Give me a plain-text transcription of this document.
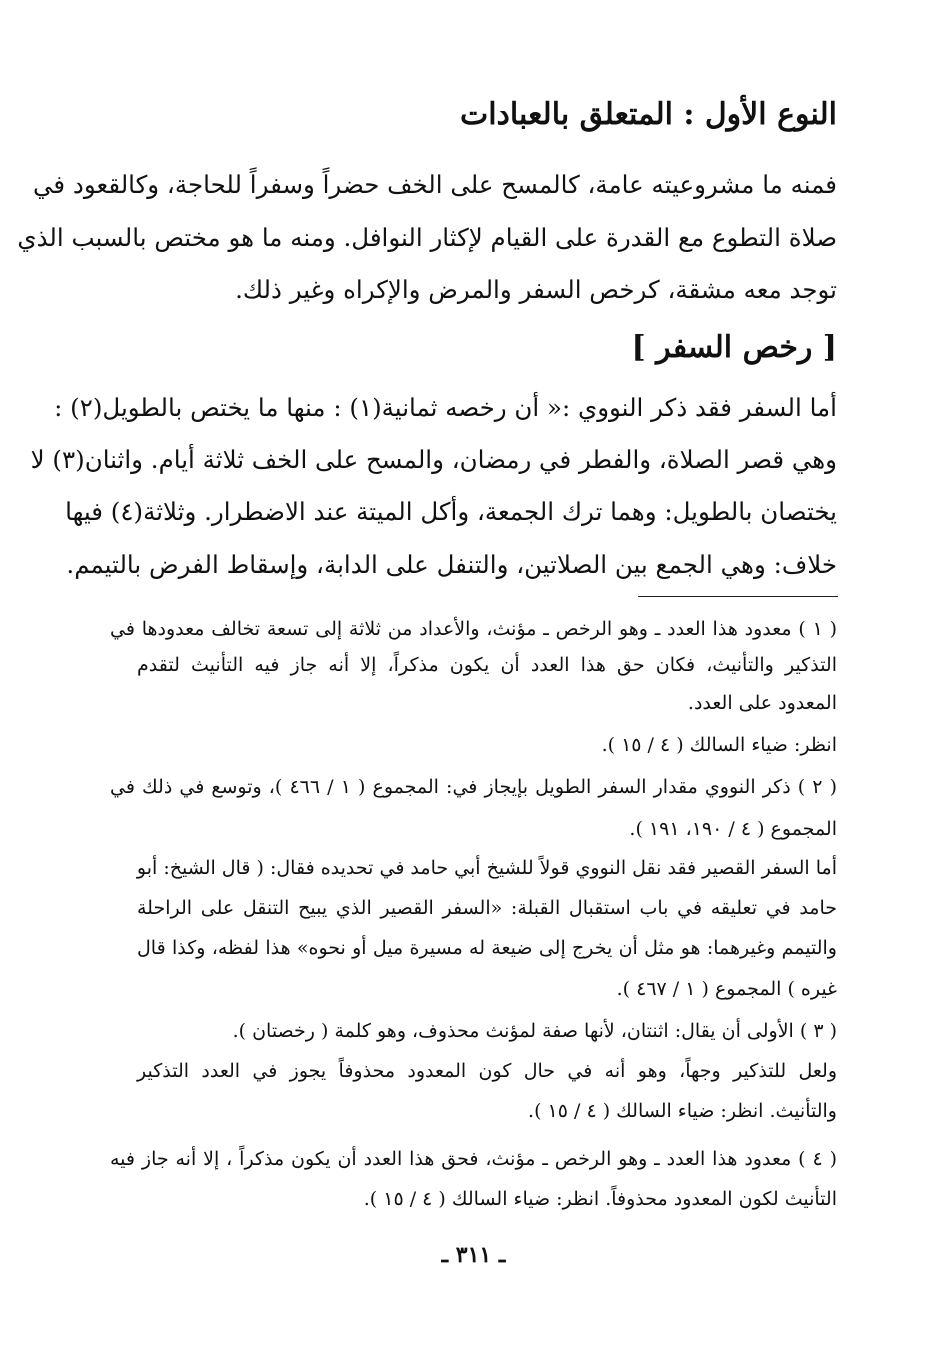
النوع الأول : المتعلق بالعبادات
فمنه ما مشروعيته عامة، كالمسح على الخف حضراً وسفراً للحاجة، وكالقعود في
صلاة التطوع مع القدرة على القيام لإكثار النوافل. ومنه ما هو مختص بالسبب الذي
توجد معه مشقة، كرخص السفر والمرض والإكراه وغير ذلك.
[ رخص السفر ]
أما السفر فقد ذكر النووي :« أن رخصه ثمانية(١) : منها ما يختص بالطويل(٢) :
وهي قصر الصلاة، والفطر في رمضان، والمسح على الخف ثلاثة أيام. واثنان(٣) لا
يختصان بالطويل: وهما ترك الجمعة، وأكل الميتة عند الاضطرار. وثلاثة(٤) فيها
خلاف: وهي الجمع بين الصلاتين، والتنفل على الدابة، وإسقاط الفرض بالتيمم.
( ١ ) معدود هذا العدد ـ وهو الرخص ـ مؤنث، والأعداد من ثلاثة إلى تسعة تخالف معدودها في
التذكير والتأنيث، فكان حق هذا العدد أن يكون مذكراً، إلا أنه جاز فيه التأنيث لتقدم
المعدود على العدد.
انظر: ضياء السالك ( ٤ / ١٥ ).
( ٢ ) ذكر النووي مقدار السفر الطويل بإيجاز في: المجموع ( ١ / ٤٦٦ )، وتوسع في ذلك في
المجموع ( ٤ / ١٩٠، ١٩١ ).
أما السفر القصير فقد نقل النووي قولاً للشيخ أبي حامد في تحديده فقال: ( قال الشيخ: أبو
حامد في تعليقه في باب استقبال القبلة: «السفر القصير الذي يبيح التنقل على الراحلة
والتيمم وغيرهما: هو مثل أن يخرج إلى ضيعة له مسيرة ميل أو نحوه» هذا لفظه، وكذا قال
غيره ) المجموع ( ١ / ٤٦٧ ).
( ٣ ) الأولى أن يقال: اثنتان، لأنها صفة لمؤنث محذوف، وهو كلمة ( رخصتان ).
ولعل للتذكير وجهاً، وهو أنه في حال كون المعدود محذوفاً يجوز في العدد التذكير
والتأنيث. انظر: ضياء السالك ( ٤ / ١٥ ).
( ٤ ) معدود هذا العدد ـ وهو الرخص ـ مؤنث، فحق هذا العدد أن يكون مذكراً ، إلا أنه جاز فيه
التأنيث لكون المعدود محذوفاً. انظر: ضياء السالك ( ٤ / ١٥ ).
ـ ٣١١ ـ
